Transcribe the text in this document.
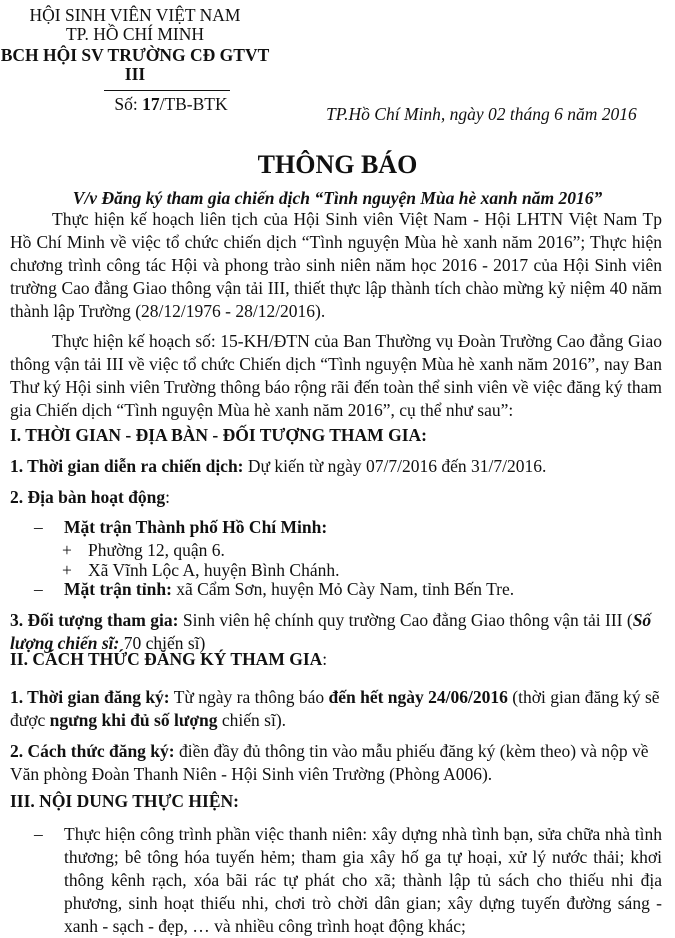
HỘI SINH VIÊN VIỆT NAM
TP. HỒ CHÍ MINH
BCH HỘI SV TRƯỜNG CĐ GTVT III
Số: 17/TB-BTK	TP.Hồ Chí Minh, ngày 02 tháng 6 năm 2016
THÔNG BÁO
V/v Đăng ký tham gia chiến dịch “Tình nguyện Mùa hè xanh năm 2016”
Thực hiện kế hoạch liên tịch của Hội Sinh viên Việt Nam - Hội LHTN Việt Nam Tp Hồ Chí Minh về việc tổ chức chiến dịch “Tình nguyện Mùa hè xanh năm 2016”; Thực hiện chương trình công tác Hội và phong trào sinh niên năm học 2016 - 2017 của Hội Sinh viên trường Cao đẳng Giao thông vận tải III, thiết thực lập thành tích chào mừng kỷ niệm 40 năm thành lập Trường (28/12/1976 - 28/12/2016).
Thực hiện kế hoạch số: 15-KH/ĐTN của Ban Thường vụ Đoàn Trường Cao đẳng Giao thông vận tải III về việc tổ chức Chiến dịch “Tình nguyện Mùa hè xanh năm 2016”, nay Ban Thư ký Hội sinh viên Trường thông báo rộng rãi đến toàn thể sinh viên về việc đăng ký tham gia Chiến dịch “Tình nguyện Mùa hè xanh năm 2016”, cụ thể như sau”:
I. THỜI GIAN - ĐỊA BÀN - ĐỐI TƯỢNG THAM GIA:
1. Thời gian diễn ra chiến dịch: Dự kiến từ ngày 07/7/2016 đến 31/7/2016.
2. Địa bàn hoạt động:
–	Mặt trận Thành phố Hồ Chí Minh:
+ Phường 12, quận 6.
+ Xã Vĩnh Lộc A, huyện Bình Chánh.
–	Mặt trận tỉnh: xã Cẩm Sơn, huyện Mỏ Cày Nam, tỉnh Bến Tre.
3. Đối tượng tham gia: Sinh viên hệ chính quy trường Cao đẳng Giao thông vận tải III (Số lượng chiến sĩ: 70 chiến sĩ)
II. CÁCH THỨC ĐĂNG KÝ THAM GIA:
1. Thời gian đăng ký: Từ ngày ra thông báo đến hết ngày 24/06/2016 (thời gian đăng ký sẽ được ngưng khi đủ số lượng chiến sĩ).
2. Cách thức đăng ký: điền đầy đủ thông tin vào mẫu phiếu đăng ký (kèm theo) và nộp về Văn phòng Đoàn Thanh Niên - Hội Sinh viên Trường (Phòng A006).
III. NỘI DUNG THỰC HIỆN:
–	Thực hiện công trình phần việc thanh niên: xây dựng nhà tình bạn, sửa chữa nhà tình thương; bê tông hóa tuyến hẻm; tham gia xây hố ga tự hoại, xử lý nước thải; khơi thông kênh rạch, xóa bãi rác tự phát cho xã; thành lập tủ sách cho thiếu nhi địa phương, sinh hoạt thiếu nhi, chơi trò chời dân gian; xây dựng tuyến đường sáng - xanh - sạch - đẹp, … và nhiều công trình hoạt động khác;
